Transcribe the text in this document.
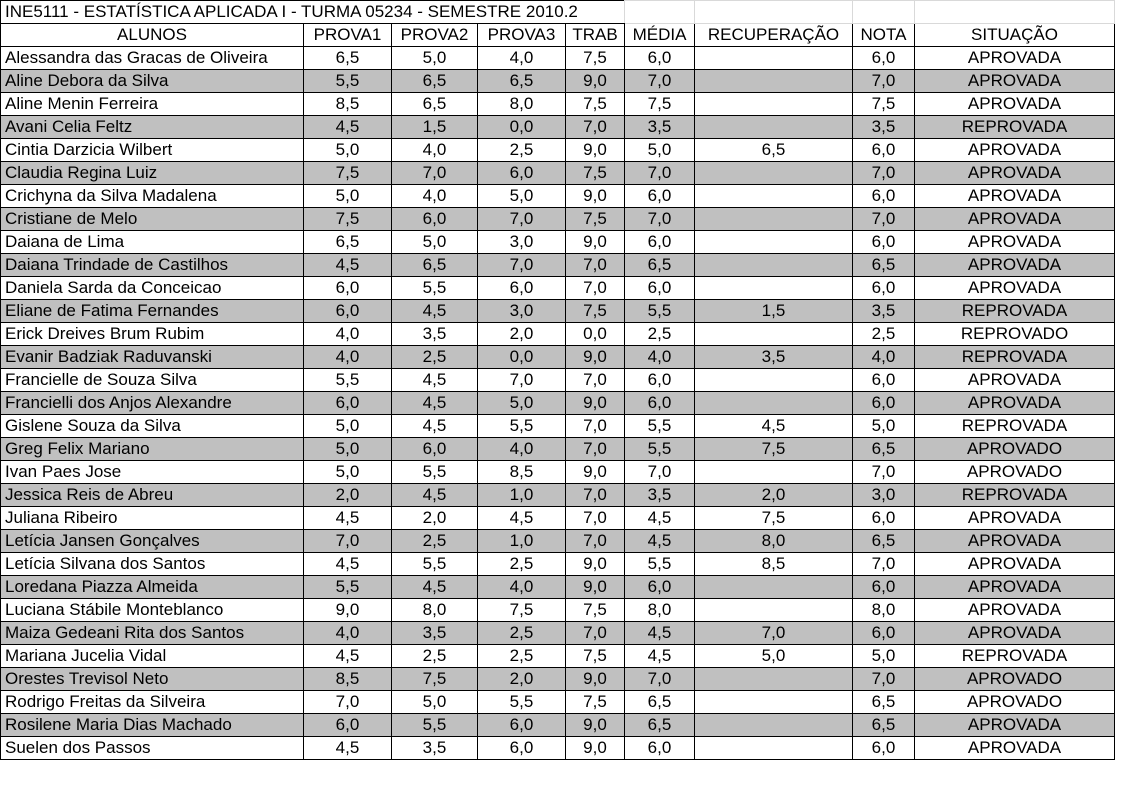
INE5111 - ESTATÍSTICA APLICADA I - TURMA 05234 - SEMESTRE 2010.2								
ALUNOS	PROVA1	PROVA2	PROVA3	TRAB	MÉDIA	RECUPERAÇÃO	NOTA	SITUAÇÃO
Alessandra das Gracas de Oliveira	6,5	5,0	4,0	7,5	6,0		6,0	APROVADA
Aline Debora da Silva	5,5	6,5	6,5	9,0	7,0		7,0	APROVADA
Aline Menin Ferreira	8,5	6,5	8,0	7,5	7,5		7,5	APROVADA
Avani Celia Feltz	4,5	1,5	0,0	7,0	3,5		3,5	REPROVADA
Cintia Darzicia Wilbert	5,0	4,0	2,5	9,0	5,0	6,5	6,0	APROVADA
Claudia Regina Luiz	7,5	7,0	6,0	7,5	7,0		7,0	APROVADA
Crichyna da Silva Madalena	5,0	4,0	5,0	9,0	6,0		6,0	APROVADA
Cristiane de Melo	7,5	6,0	7,0	7,5	7,0		7,0	APROVADA
Daiana de Lima	6,5	5,0	3,0	9,0	6,0		6,0	APROVADA
Daiana Trindade de Castilhos	4,5	6,5	7,0	7,0	6,5		6,5	APROVADA
Daniela Sarda da Conceicao	6,0	5,5	6,0	7,0	6,0		6,0	APROVADA
Eliane de Fatima Fernandes	6,0	4,5	3,0	7,5	5,5	1,5	3,5	REPROVADA
Erick Dreives Brum Rubim	4,0	3,5	2,0	0,0	2,5		2,5	REPROVADO
Evanir Badziak Raduvanski	4,0	2,5	0,0	9,0	4,0	3,5	4,0	REPROVADA
Francielle de Souza Silva	5,5	4,5	7,0	7,0	6,0		6,0	APROVADA
Francielli dos Anjos Alexandre	6,0	4,5	5,0	9,0	6,0		6,0	APROVADA
Gislene Souza da Silva	5,0	4,5	5,5	7,0	5,5	4,5	5,0	REPROVADA
Greg Felix Mariano	5,0	6,0	4,0	7,0	5,5	7,5	6,5	APROVADO
Ivan Paes Jose	5,0	5,5	8,5	9,0	7,0		7,0	APROVADO
Jessica Reis de Abreu	2,0	4,5	1,0	7,0	3,5	2,0	3,0	REPROVADA
Juliana Ribeiro	4,5	2,0	4,5	7,0	4,5	7,5	6,0	APROVADA
Letícia Jansen Gonçalves	7,0	2,5	1,0	7,0	4,5	8,0	6,5	APROVADA
Letícia Silvana dos Santos	4,5	5,5	2,5	9,0	5,5	8,5	7,0	APROVADA
Loredana Piazza Almeida	5,5	4,5	4,0	9,0	6,0		6,0	APROVADA
Luciana Stábile Monteblanco	9,0	8,0	7,5	7,5	8,0		8,0	APROVADA
Maiza Gedeani Rita dos Santos	4,0	3,5	2,5	7,0	4,5	7,0	6,0	APROVADA
Mariana Jucelia Vidal	4,5	2,5	2,5	7,5	4,5	5,0	5,0	REPROVADA
Orestes Trevisol Neto	8,5	7,5	2,0	9,0	7,0		7,0	APROVADO
Rodrigo Freitas da Silveira	7,0	5,0	5,5	7,5	6,5		6,5	APROVADO
Rosilene Maria Dias Machado	6,0	5,5	6,0	9,0	6,5		6,5	APROVADA
Suelen dos Passos	4,5	3,5	6,0	9,0	6,0		6,0	APROVADA
